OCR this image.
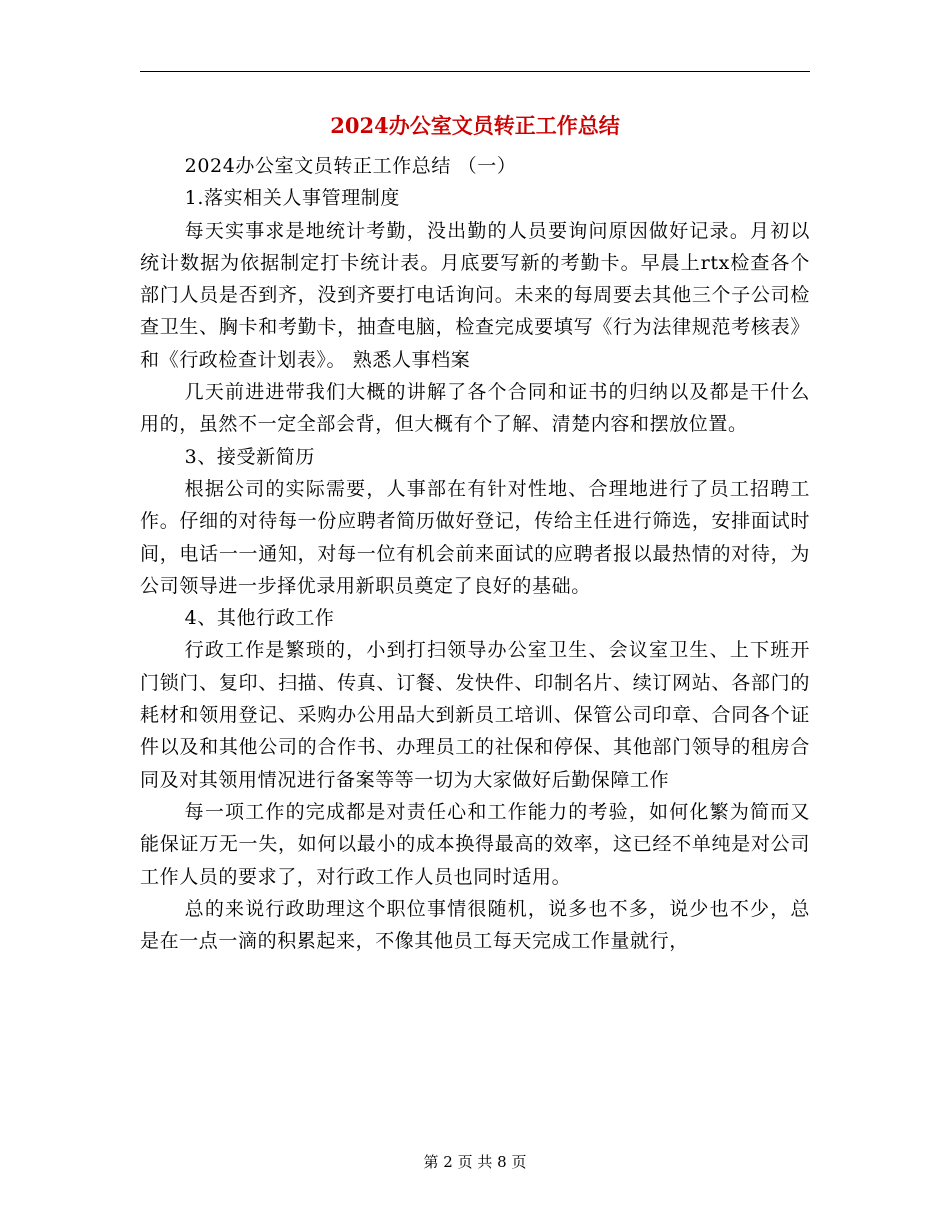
2024办公室文员转正工作总结

2024办公室文员转正工作总结 （一）

1.落实相关人事管理制度

每天实事求是地统计考勤，没出勤的人员要询问原因做好记录。月初以统计数据为依据制定打卡统计表。月底要写新的考勤卡。早晨上rtx检查各个部门人员是否到齐，没到齐要打电话询问。未来的每周要去其他三个子公司检查卫生、胸卡和考勤卡，抽查电脑，检查完成要填写《行为法律规范考核表》和《行政检查计划表》。 熟悉人事档案

几天前进进带我们大概的讲解了各个合同和证书的归纳以及都是干什么用的，虽然不一定全部会背，但大概有个了解、清楚内容和摆放位置。

3、接受新简历

根据公司的实际需要，人事部在有针对性地、合理地进行了员工招聘工作。仔细的对待每一份应聘者简历做好登记，传给主任进行筛选，安排面试时间，电话一一通知，对每一位有机会前来面试的应聘者报以最热情的对待，为公司领导进一步择优录用新职员奠定了良好的基础。

4、其他行政工作

行政工作是繁琐的，小到打扫领导办公室卫生、会议室卫生、上下班开门锁门、复印、扫描、传真、订餐、发快件、印制名片、续订网站、各部门的耗材和领用登记、采购办公用品大到新员工培训、保管公司印章、合同各个证件以及和其他公司的合作书、办理员工的社保和停保、其他部门领导的租房合同及对其领用情况进行备案等等一切为大家做好后勤保障工作

每一项工作的完成都是对责任心和工作能力的考验，如何化繁为简而又能保证万无一失，如何以最小的成本换得最高的效率，这已经不单纯是对公司工作人员的要求了，对行政工作人员也同时适用。

总的来说行政助理这个职位事情很随机，说多也不多，说少也不少，总是在一点一滴的积累起来，不像其他员工每天完成工作量就行，

第 2 页 共 8 页
